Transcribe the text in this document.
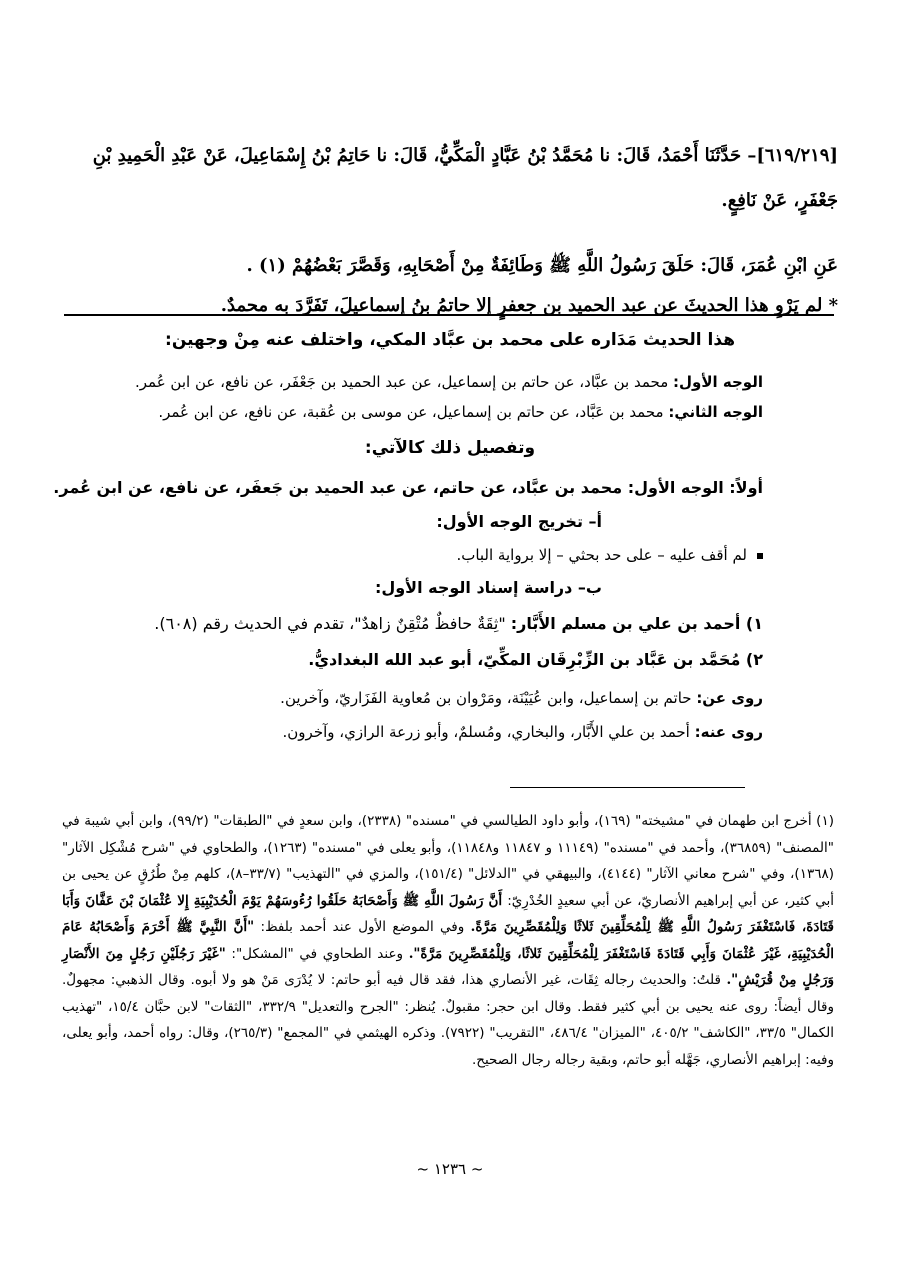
[٦١٩/٢١٩]– حَدَّثَنَا أَحْمَدُ، قَالَ: نا مُحَمَّدُ بْنُ عَبَّادٍ الْمَكِّيُّ، قَالَ: نا حَاتِمُ بْنُ إِسْمَاعِيلَ، عَنْ عَبْدِ الْحَمِيدِ بْنِ

جَعْفَرٍ، عَنْ نَافِعٍ.

عَنِ ابْنِ عُمَرَ، قَالَ: حَلَقَ رَسُولُ اللَّهِ ﷺ وَطَائِفَةٌ مِنْ أَصْحَابِهِ، وَقَصَّرَ بَعْضُهُمْ (١) .

* لم يَرْوِ هذا الحديثَ عن عبد الحميد بن جعفرٍ إلا حاتمُ بنُ إسماعيلَ، تَفَرَّدَ به محمدٌ.

هذا الحديث مَدَاره على محمد بن عبَّاد المكي، واختلف عنه مِنْ وجهين:
الوجه الأول: محمد بن عبَّاد، عن حاتم بن إسماعيل، عن عبد الحميد بن جَعْفَر، عن نافع، عن ابن عُمر.
الوجه الثاني: محمد بن عَبَّاد، عن حاتم بن إسماعيل، عن موسى بن عُقبة، عن نافع، عن ابن عُمر.
وتفصيل ذلك كالآتي:
أولاً: الوجه الأول: محمد بن عبَّاد، عن حاتم، عن عبد الحميد بن جَعفَر، عن نافع، عن ابن عُمر.
أ– تخريج الوجه الأول:
لم أقف عليه – على حد بحثي – إلا برواية الباب.
ب– دراسة إسناد الوجه الأول:
١) أحمد بن علي بن مسلم الأَبَّار: "ثِقَةٌ حافظٌ مُتْقِنٌ زاهدٌ"، تقدم في الحديث رقم (٦٠٨).
٢) مُحَمَّد بن عَبَّاد بن الزِّبْرِقَان المكِّيّ، أبو عبد الله البغداديُّ.
روى عن: حاتم بن إسماعيل، وابن عُيَيْنَة، ومَرْوان بن مُعاوية الفَزَاريّ، وآخرين.
روى عنه: أحمد بن علي الأَبَّار، والبخاري، ومُسلمٌ، وأبو زرعة الرازي، وآخرون.

(١) أخرج ابن طهمان في "مشيخته" (١٦٩)، وأبو داود الطيالسي في "مسنده" (٢٣٣٨)، وابن سعدٍ في "الطبقات" (٩٩/٢)، وابن أبي شيبة في "المصنف" (٣٦٨٥٩)، وأحمد في "مسنده" (١١١٤٩ و ١١٨٤٧ و١١٨٤٨)، وأبو يعلى في "مسنده" (١٢٦٣)، والطحاوي في "شرح مُشْكِل الآثار" (١٣٦٨)، وفي "شرح معاني الآثار" (٤١٤٤)، والبيهقي في "الدلائل" (١٥١/٤)، والمزي في "التهذيب" (٣٣/٧–٨)، كلهم مِنْ طُرُقٍ عن يحيى بن أبي كثير، عن أبي إبراهيم الأنصاريّ، عن أبي سعيدٍ الخُدْرِيّ: أَنَّ رَسُولَ اللَّهِ ﷺ وَأَصْحَابَهُ حَلَقُوا رُءُوسَهُمْ يَوْمَ الْحُدَيْبِيَةِ إِلا عُثْمَانَ بْنَ عَفَّانَ وَأَبَا قَتَادَةَ، فَاسْتَغْفَرَ رَسُولُ اللَّهِ ﷺ لِلْمُحَلِّقِينَ ثَلاثًا وَلِلْمُقَصِّرِينَ مَرَّةً. وفي الموضع الأول عند أحمد بلفظ: "أَنَّ النَّبِيَّ ﷺ أَحْرَمَ وَأَصْحَابُهُ عَامَ الْحُدَيْبِيَةِ، غَيْرَ عُثْمَانَ وَأَبِي قَتَادَةَ فَاسْتَغْفَرَ لِلْمُحَلِّقِينَ ثَلاثًا، وَلِلْمُقَصِّرِينَ مَرَّةً". وعند الطحاوي في "المشكل": "غَيْرَ رَجُلَيْنِ رَجُلٍ مِنَ الأَنْصَارِ وَرَجُلٍ مِنْ قُرَيْشٍ". قلتُ: والحديث رجاله ثِقَات، غير الأنصاري هذا، فقد قال فيه أبو حاتم: لا يُدْرَى مَنْ هو ولا أبوه. وقال الذهبي: مجهولٌ. وقال أيضاً: روى عنه يحيى بن أبي كثير فقط. وقال ابن حجر: مقبولٌ. يُنظر: "الجرح والتعديل" ٣٣٢/٩، "الثقات" لابن حبَّان ١٥/٤، "تهذيب الكمال" ٣٣/٥، "الكاشف" ٤٠٥/٢، "الميزان" ٤٨٦/٤، "التقريب" (٧٩٢٢). وذكره الهيثمي في "المجمع" (٢٦٥/٣)، وقال: رواه أحمد، وأبو يعلى، وفيه: إبراهيم الأنصاري، جَهَّله أبو حاتم، وبقية رجاله رجال الصحيح.

~ ١٢٣٦ ~
